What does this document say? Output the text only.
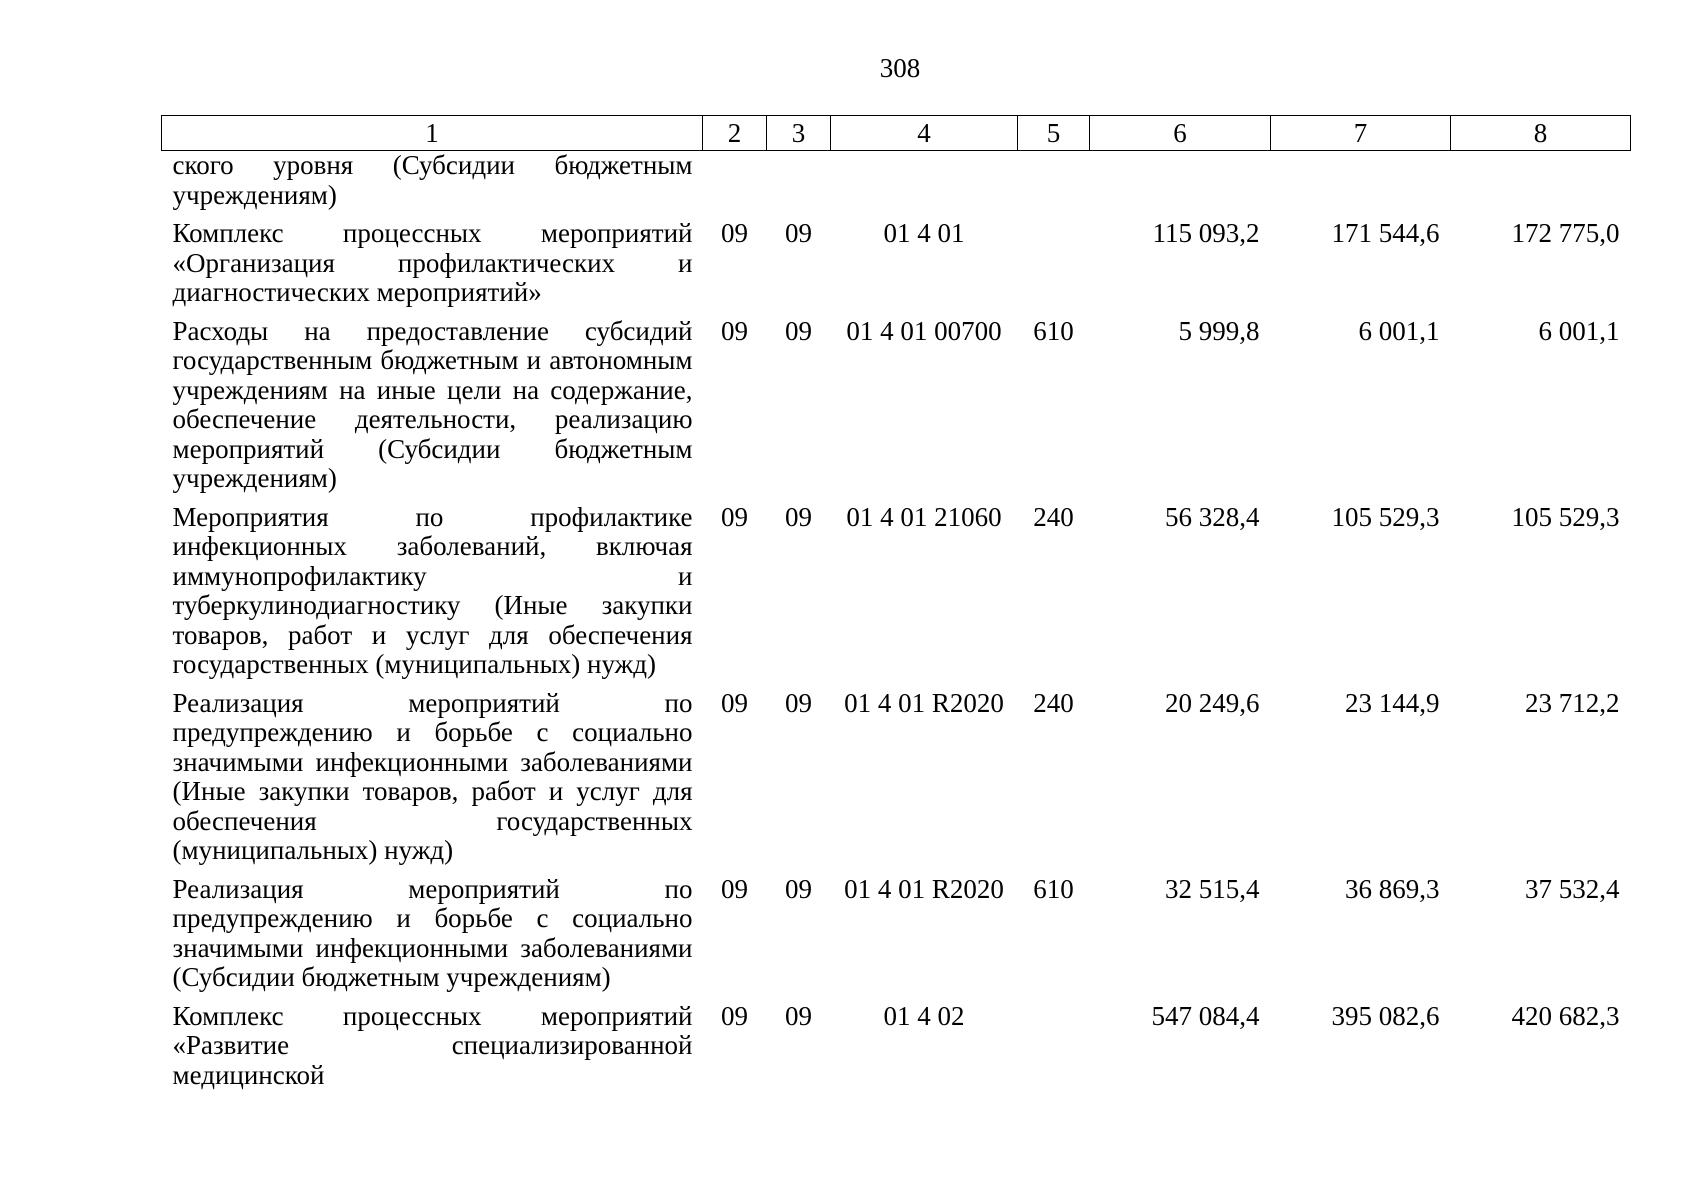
308
1	2	3	4	5	6	7	8
ского уровня (Субсидии бюджетным учреждениям)							
Комплекс процессных мероприятий «Организация профилактических и диагностических мероприятий»	09	09	01 4 01		115 093,2	171 544,6	172 775,0
Расходы на предоставление субсидий государственным бюджетным и автономным учреждениям на иные цели на содержание, обеспечение деятельности, реализацию мероприятий (Субсидии бюджетным учреждениям)	09	09	01 4 01 00700	610	5 999,8	6 001,1	6 001,1
Мероприятия по профилактике инфекционных заболеваний, включая иммунопрофилактику и туберкулинодиагностику (Иные закупки товаров, работ и услуг для обеспечения государственных (муниципальных) нужд)	09	09	01 4 01 21060	240	56 328,4	105 529,3	105 529,3
Реализация мероприятий по предупреждению и борьбе с социально значимыми инфекционными заболеваниями (Иные закупки товаров, работ и услуг для обеспечения государственных (муниципальных) нужд)	09	09	01 4 01 R2020	240	20 249,6	23 144,9	23 712,2
Реализация мероприятий по предупреждению и борьбе с социально значимыми инфекционными заболеваниями (Субсидии бюджетным учреждениям)	09	09	01 4 01 R2020	610	32 515,4	36 869,3	37 532,4
Комплекс процессных мероприятий «Развитие специализированной медицинской	09	09	01 4 02		547 084,4	395 082,6	420 682,3
